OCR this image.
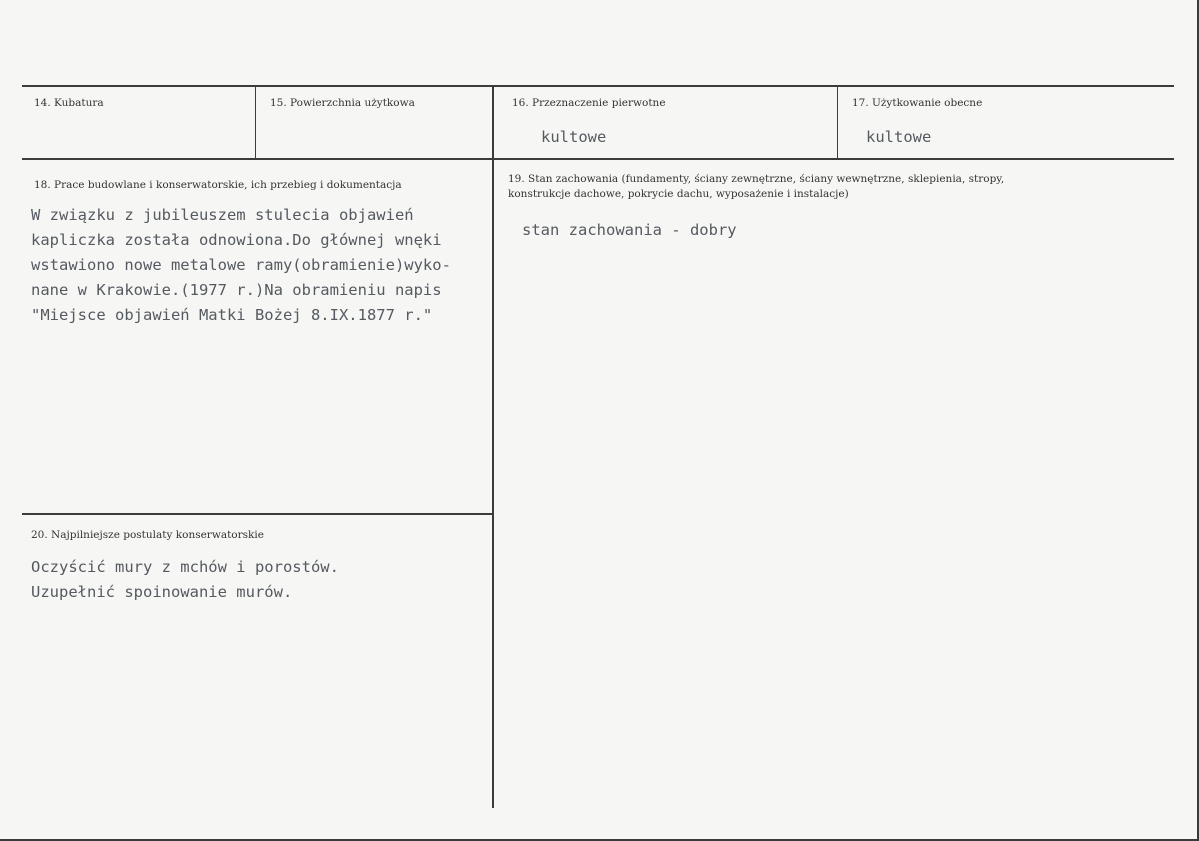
14. Kubatura	15. Powierzchnia użytkowa	16. Przeznaczenie pierwotne
kultowe
17. Użytkowanie obecne
kultowe
18. Prace budowlane i konserwatorskie, ich przebieg i dokumentacja
W związku z jubileuszem stulecia objawień
kapliczka została odnowiona.Do głównej wnęki
wstawiono nowe metalowe ramy(obramienie)wyko-
nane w Krakowie.(1977 r.)Na obramieniu napis
"Miejsce objawień Matki Bożej 8.IX.1877 r."
19. Stan zachowania (fundamenty, ściany zewnętrzne, ściany wewnętrzne, sklepienia, stropy,
konstrukcje dachowe, pokrycie dachu, wyposażenie i instalacje)
stan zachowania - dobry
20. Najpilniejsze postulaty konserwatorskie
Oczyścić mury z mchów i porostów.
Uzupełnić spoinowanie murów.
